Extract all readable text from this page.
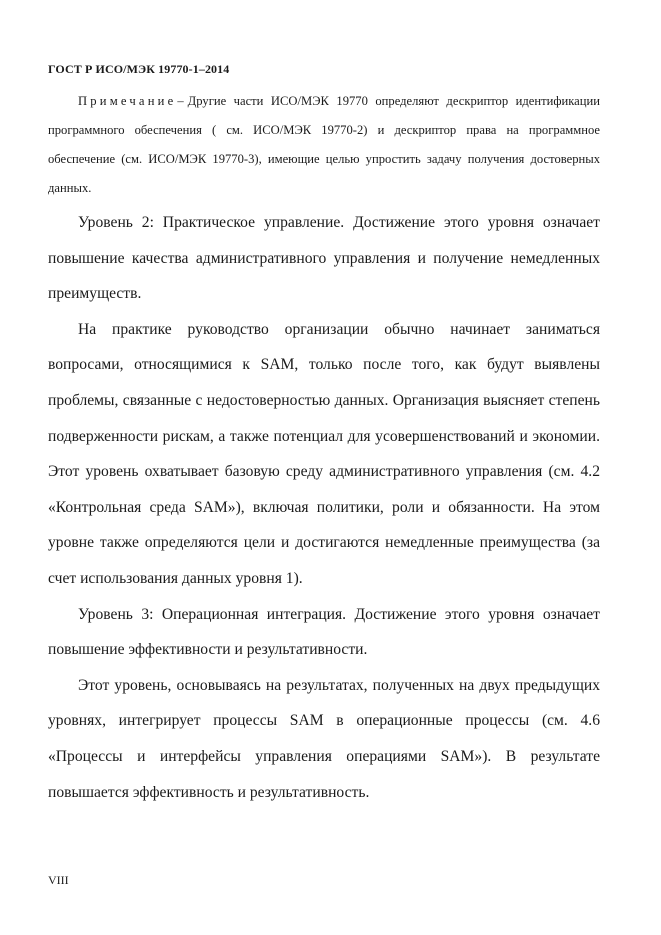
ГОСТ Р ИСО/МЭК 19770-1–2014
Примечание– Другие части ИСО/МЭК 19770 определяют дескриптор идентификации программного обеспечения ( см. ИСО/МЭК 19770-2) и дескриптор права на программное обеспечение (см. ИСО/МЭК 19770-3), имеющие целью упростить задачу получения достоверных данных.

Уровень 2: Практическое управление. Достижение этого уровня означает повышение качества административного управления и получение немедленных преимуществ.

На практике руководство организации обычно начинает заниматься вопросами, относящимися к SAM, только после того, как будут выявлены проблемы, связанные с недостоверностью данных. Организация выясняет степень подверженности рискам, а также потенциал для усовершенствований и экономии. Этот уровень охватывает базовую среду административного управления (см. 4.2 «Контрольная среда SAM»), включая политики, роли и обязанности. На этом уровне также определяются цели и достигаются немедленные преимущества (за счет использования данных уровня 1).

Уровень 3: Операционная интеграция. Достижение этого уровня означает повышение эффективности и результативности.

Этот уровень, основываясь на результатах, полученных на двух предыдущих уровнях, интегрирует процессы SAM в операционные процессы (см. 4.6 «Процессы и интерфейсы управления операциями SAM»). В результате повышается эффективность и результативность.

VIII
